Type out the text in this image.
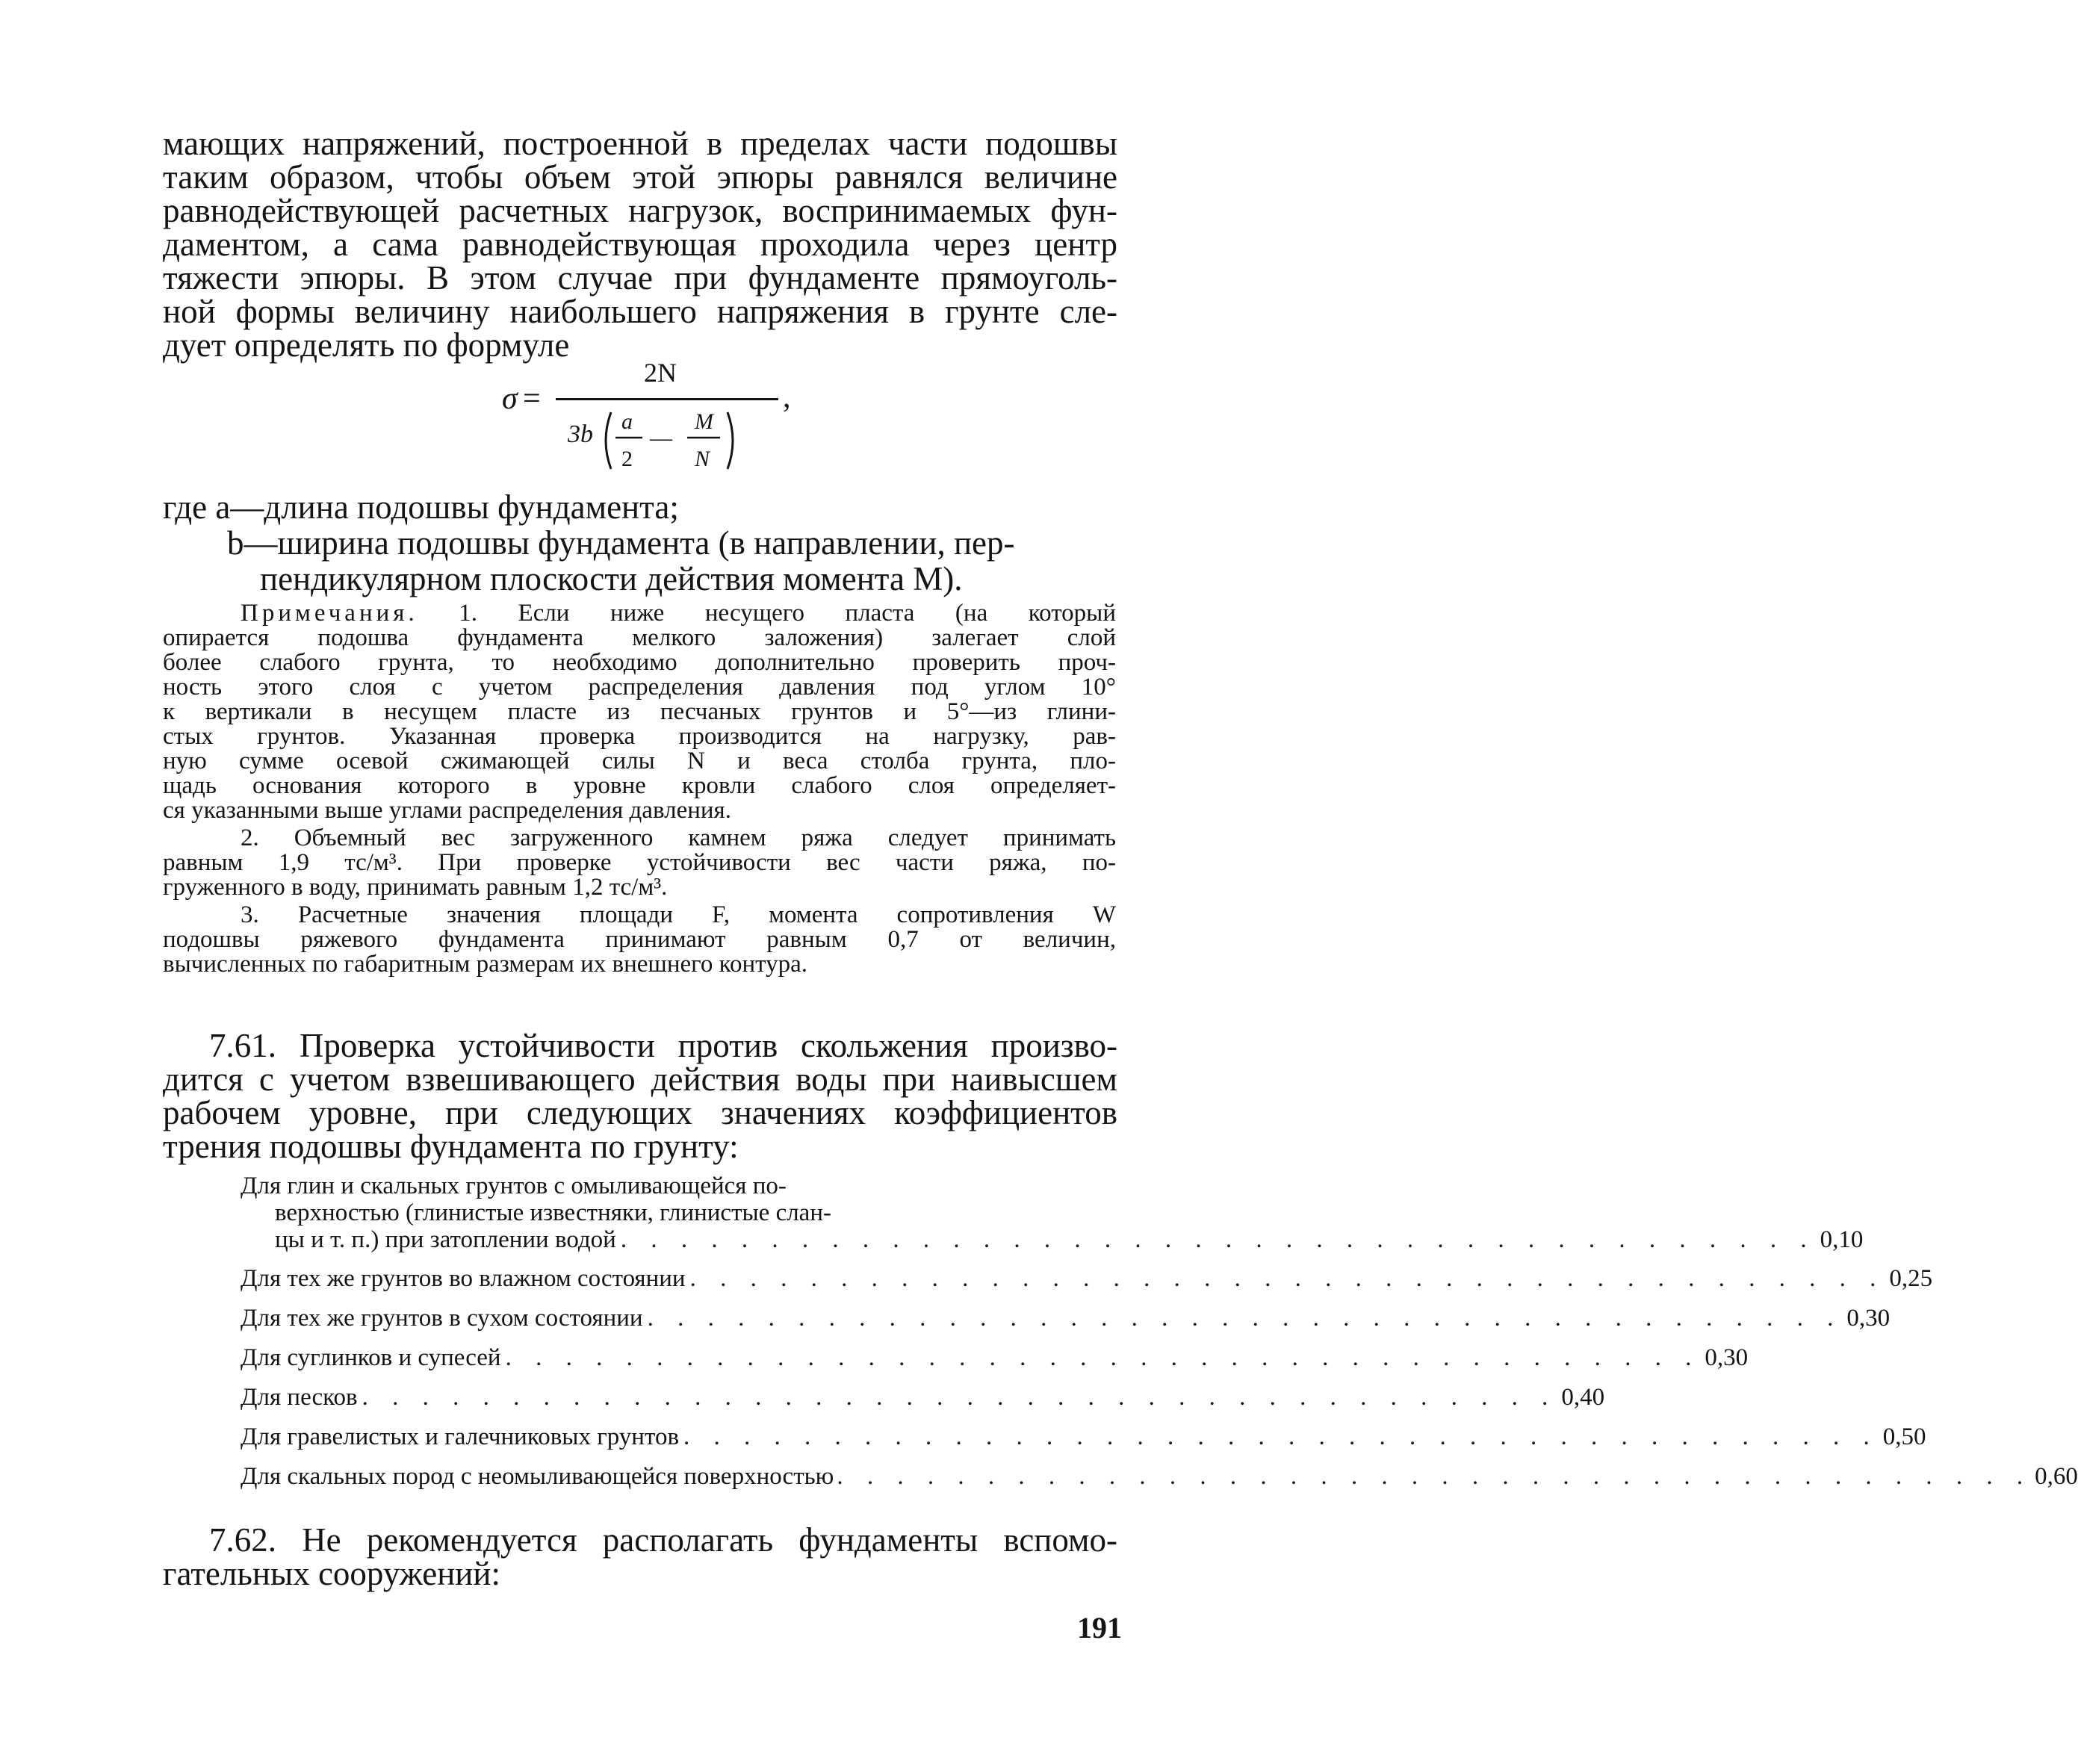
мающих напряжений, построенной в пределах части подошвы
таким образом, чтобы объем этой эпюры равнялся величине
равнодействующей расчетных нагрузок, воспринимаемых фун-
даментом, а сама равнодействующая проходила через центр
тяжести эпюры. В этом случае при фундаменте прямоуголь-
ной формы величину наибольшего напряжения в грунте сле-
дует определять по формуле
σ =
2N
3b a
2
—
M
N
,
где a—длина подошвы фундамента;
b—ширина подошвы фундамента (в направлении, пер-
пендикулярном плоскости действия момента M).
Примечания. 1. Если ниже несущего пласта (на который
опирается подошва фундамента мелкого заложения) залегает слой
более слабого грунта, то необходимо дополнительно проверить проч-
ность этого слоя с учетом распределения давления под углом 10°
к вертикали в несущем пласте из песчаных грунтов и 5°—из глини-
стых грунтов. Указанная проверка производится на нагрузку, рав-
ную сумме осевой сжимающей силы N и веса столба грунта, пло-
щадь основания которого в уровне кровли слабого слоя определяет-
ся указанными выше углами распределения давления.
2. Объемный вес загруженного камнем ряжа следует принимать
равным 1,9 тс/м³. При проверке устойчивости вес части ряжа, по-
груженного в воду, принимать равным 1,2 тс/м³.
3. Расчетные значения площади F, момента сопротивления W
подошвы ряжевого фундамента принимают равным 0,7 от величин,
вычисленных по габаритным размерам их внешнего контура.
7.61. Проверка устойчивости против скольжения произво-
дится с учетом взвешивающего действия воды при наивысшем
рабочем уровне, при следующих значениях коэффициентов
трения подошвы фундамента по грунту:
Для глин и скальных грунтов с омыливающейся по-
верхностью (глинистые известняки, глинистые слан-
цы и т. п.) при затоплении водой . . . . . . . . . . . . . . . . . . . . . . . . . . . . . . . . . . . . . . . . 0,10
Для тех же грунтов во влажном состоянии . . . . . . . . . . . . . . . . . . . . . . . . . . . . . . . . . . . . . . . . 0,25
Для тех же грунтов в сухом состоянии . . . . . . . . . . . . . . . . . . . . . . . . . . . . . . . . . . . . . . . . 0,30
Для суглинков и супесей . . . . . . . . . . . . . . . . . . . . . . . . . . . . . . . . . . . . . . . . 0,30
Для песков . . . . . . . . . . . . . . . . . . . . . . . . . . . . . . . . . . . . . . . . 0,40
Для гравелистых и галечниковых грунтов . . . . . . . . . . . . . . . . . . . . . . . . . . . . . . . . . . . . . . . . 0,50
Для скальных пород с неомыливающейся поверхностью . . . . . . . . . . . . . . . . . . . . . . . . . . . . . . . . . . . . . . . . 0,60
7.62. Не рекомендуется располагать фундаменты вспомо-
гательных сооружений:
191
